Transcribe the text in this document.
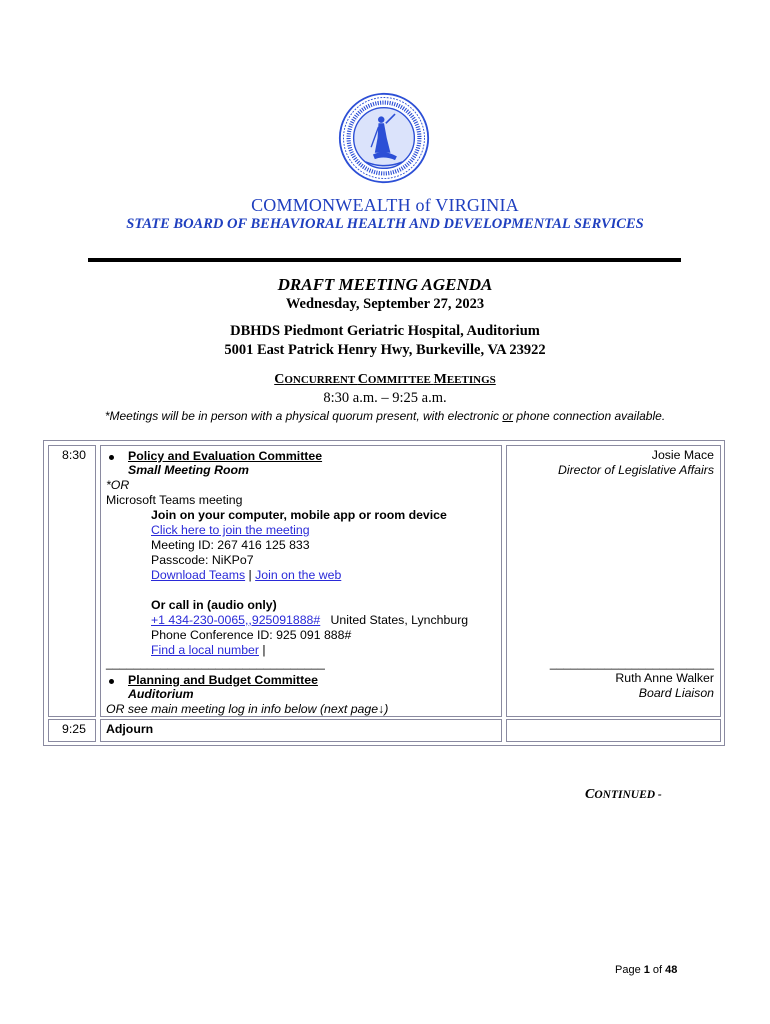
COMMONWEALTH of VIRGINIA
STATE BOARD OF BEHAVIORAL HEALTH AND DEVELOPMENTAL SERVICES
DRAFT MEETING AGENDA
Wednesday, September 27, 2023
DBHDS Piedmont Geriatric Hospital, Auditorium
5001 East Patrick Henry Hwy, Burkeville, VA 23922
CONCURRENT COMMITTEE MEETINGS
8:30 a.m. – 9:25 a.m.
*Meetings will be in person with a physical quorum present, with electronic or phone connection available.
8:30	Policy and Evaluation Committee
Small Meeting Room
*OR
Microsoft Teams meeting
Join on your computer, mobile app or room device
Click here to join the meeting
Meeting ID: 267 416 125 833
Passcode: NiKPo7
Download Teams | Join on the web
Or call in (audio only)
+1 434-230-0065,,925091888# United States, Lynchburg
Phone Conference ID: 925 091 888#
Find a local number |
________________________________
Planning and Budget Committee
Auditorium
OR see main meeting log in info below (next page↓)
Josie Mace
Director of Legislative Affairs
________________________
Ruth Anne Walker
Board Liaison
9:25 Adjourn
CONTINUED -
Page 1 of 48
